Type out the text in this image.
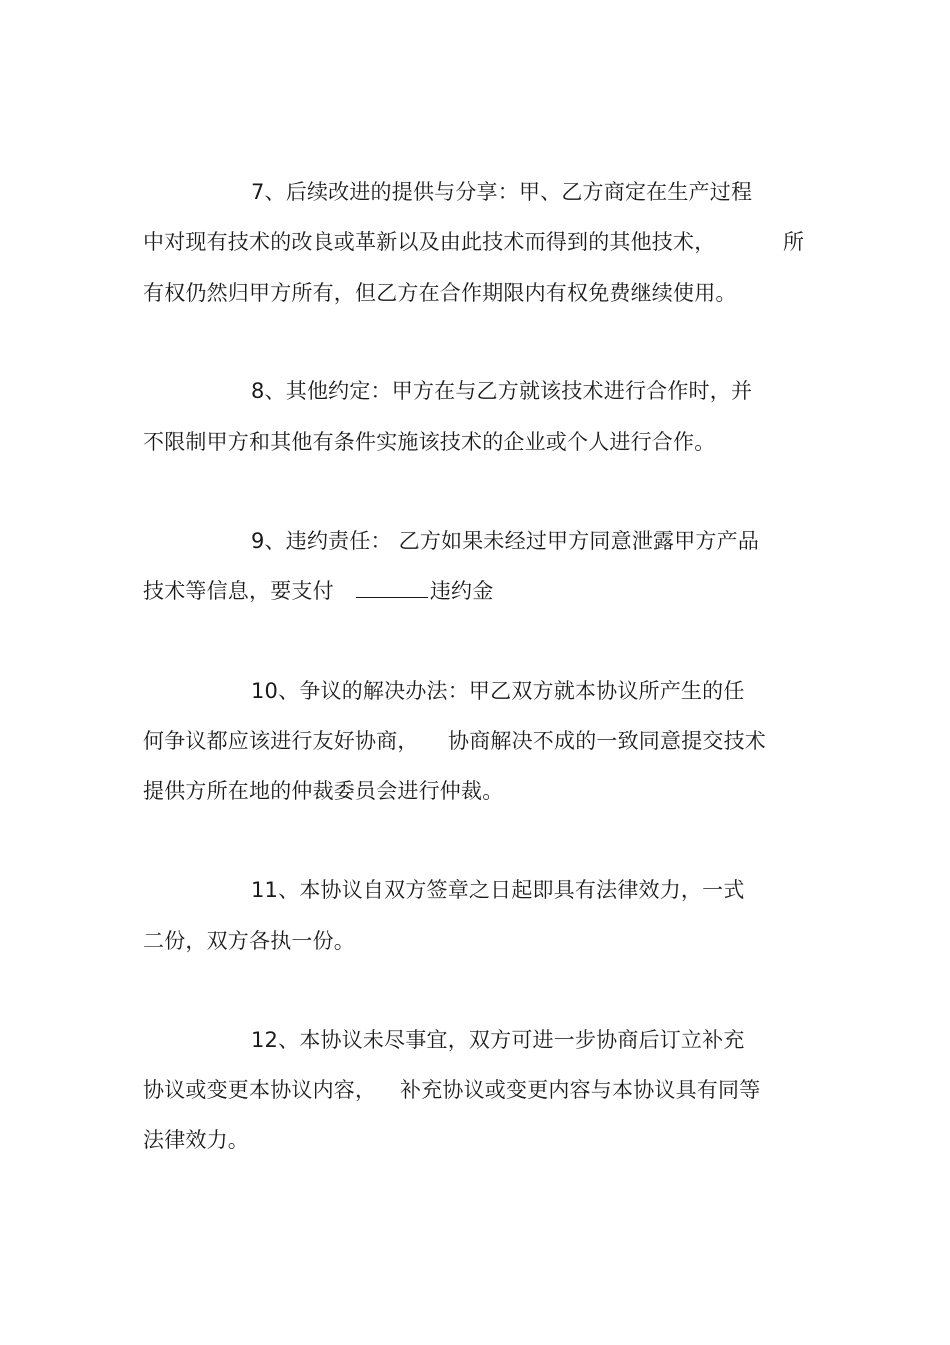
7、后续改进的提供与分享：甲、乙方商定在生产过程
中对现有技术的改良或革新以及由此技术而得到的其他技术，	所
有权仍然归甲方所有，但乙方在合作期限内有权免费继续使用。
8、其他约定：甲方在与乙方就该技术进行合作时，并
不限制甲方和其他有条件实施该技术的企业或个人进行合作。
9、违约责任： 乙方如果未经过甲方同意泄露甲方产品
技术等信息，要支付	违约金
10、争议的解决办法：甲乙双方就本协议所产生的任
何争议都应该进行友好协商， 协商解决不成的一致同意提交技术
提供方所在地的仲裁委员会进行仲裁。
11、本协议自双方签章之日起即具有法律效力，一式
二份，双方各执一份。
12、本协议未尽事宜，双方可进一步协商后订立补充
协议或变更本协议内容， 补充协议或变更内容与本协议具有同等
法律效力。
